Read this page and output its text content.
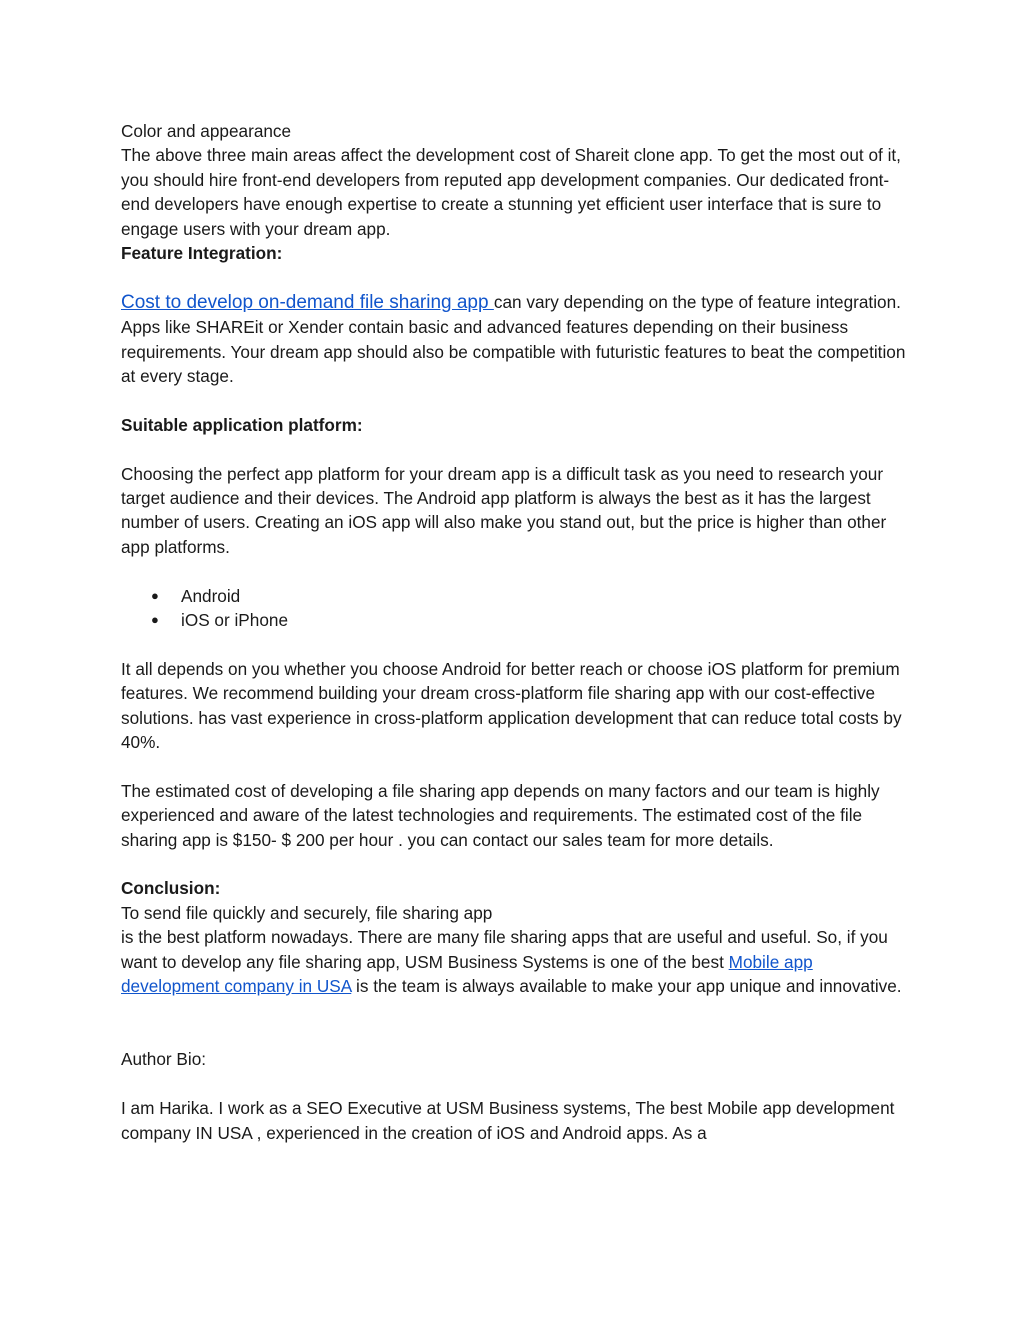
Color and appearance

The above three main areas affect the development cost of Shareit clone app. To get the most out of it, you should hire front-end developers from reputed app development companies. Our dedicated front-end developers have enough expertise to create a stunning yet efficient user interface that is sure to engage users with your dream app.

Feature Integration:

Cost to develop on-demand file sharing app can vary depending on the type of feature integration. Apps like SHAREit or Xender contain basic and advanced features depending on their business requirements. Your dream app should also be compatible with futuristic features to beat the competition at every stage.

Suitable application platform:

Choosing the perfect app platform for your dream app is a difficult task as you need to research your target audience and their devices. The Android app platform is always the best as it has the largest number of users. Creating an iOS app will also make you stand out, but the price is higher than other app platforms.

● Android
● iOS or iPhone

It all depends on you whether you choose Android for better reach or choose iOS platform for premium features. We recommend building your dream cross-platform file sharing app with our cost-effective solutions. has vast experience in cross-platform application development that can reduce total costs by 40%.

The estimated cost of developing a file sharing app depends on many factors and our team is highly experienced and aware of the latest technologies and requirements. The estimated cost of the file sharing app is $150- $ 200 per hour . you can contact our sales team for more details.

Conclusion:

To send file quickly and securely, file sharing app

is the best platform nowadays. There are many file sharing apps that are useful and useful. So, if you want to develop any file sharing app, USM Business Systems is one of the best Mobile app development company in USA is the team is always available to make your app unique and innovative.

Author Bio:

I am Harika. I work as a SEO Executive at USM Business systems, The best Mobile app development company IN USA , experienced in the creation of iOS and Android apps. As a
